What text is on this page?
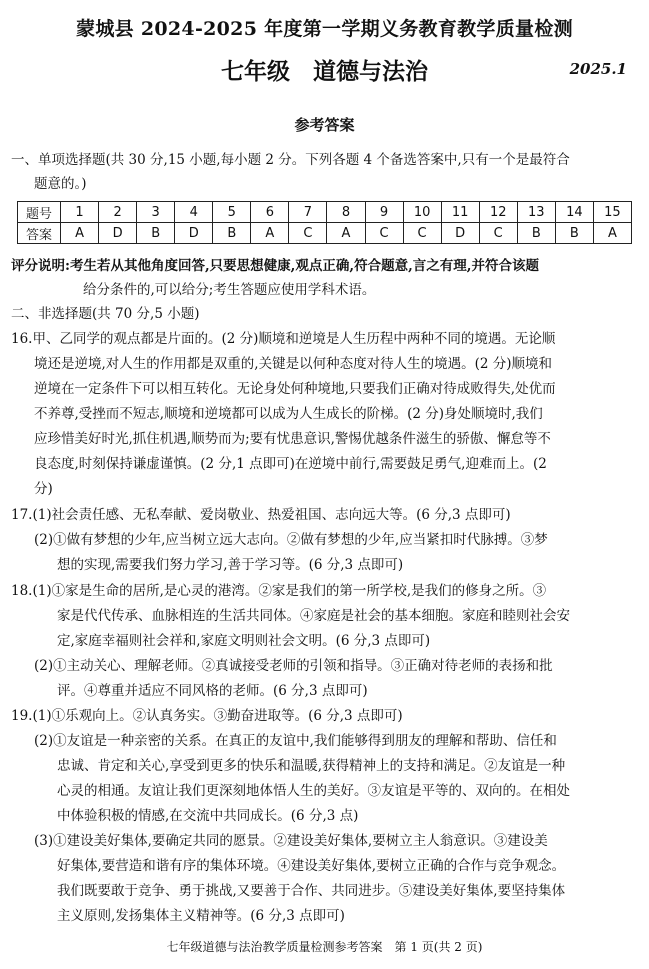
蒙城县 2024-2025 年度第一学期义务教育教学质量检测
七年级　道德与法治	2025.1
参考答案
一、单项选择题(共 30 分,15 小题,每小题 2 分。下列各题 4 个备选答案中,只有一个是最符合
题意的。)
题号	1	2	3	4	5	6	7	8	9	10	11	12	13	14	15
答案	A	D	B	D	B	A	C	A	C	C	D	C	B	B	A
评分说明:考生若从其他角度回答,只要思想健康,观点正确,符合题意,言之有理,并符合该题
给分条件的,可以给分;考生答题应使用学科术语。
二、非选择题(共 70 分,5 小题)
16.甲、乙同学的观点都是片面的。(2 分)顺境和逆境是人生历程中两种不同的境遇。无论顺
境还是逆境,对人生的作用都是双重的,关键是以何种态度对待人生的境遇。(2 分)顺境和
逆境在一定条件下可以相互转化。无论身处何种境地,只要我们正确对待成败得失,处优而
不养尊,受挫而不短志,顺境和逆境都可以成为人生成长的阶梯。(2 分)身处顺境时,我们
应珍惜美好时光,抓住机遇,顺势而为;要有忧患意识,警惕优越条件滋生的骄傲、懈怠等不
良态度,时刻保持谦虚谨慎。(2 分,1 点即可)在逆境中前行,需要鼓足勇气,迎难而上。(2
分)
17.(1)社会责任感、无私奉献、爱岗敬业、热爱祖国、志向远大等。(6 分,3 点即可)
(2)①做有梦想的少年,应当树立远大志向。②做有梦想的少年,应当紧扣时代脉搏。③梦
想的实现,需要我们努力学习,善于学习等。(6 分,3 点即可)
18.(1)①家是生命的居所,是心灵的港湾。②家是我们的第一所学校,是我们的修身之所。③
家是代代传承、血脉相连的生活共同体。④家庭是社会的基本细胞。家庭和睦则社会安
定,家庭幸福则社会祥和,家庭文明则社会文明。(6 分,3 点即可)
(2)①主动关心、理解老师。②真诚接受老师的引领和指导。③正确对待老师的表扬和批
评。④尊重并适应不同风格的老师。(6 分,3 点即可)
19.(1)①乐观向上。②认真务实。③勤奋进取等。(6 分,3 点即可)
(2)①友谊是一种亲密的关系。在真正的友谊中,我们能够得到朋友的理解和帮助、信任和
忠诚、肯定和关心,享受到更多的快乐和温暖,获得精神上的支持和满足。②友谊是一种
心灵的相通。友谊让我们更深刻地体悟人生的美好。③友谊是平等的、双向的。在相处
中体验积极的情感,在交流中共同成长。(6 分,3 点)
(3)①建设美好集体,要确定共同的愿景。②建设美好集体,要树立主人翁意识。③建设美
好集体,要营造和谐有序的集体环境。④建设美好集体,要树立正确的合作与竞争观念。
我们既要敢于竞争、勇于挑战,又要善于合作、共同进步。⑤建设美好集体,要坚持集体
主义原则,发扬集体主义精神等。(6 分,3 点即可)
七年级道德与法治教学质量检测参考答案　第 1 页(共 2 页)
